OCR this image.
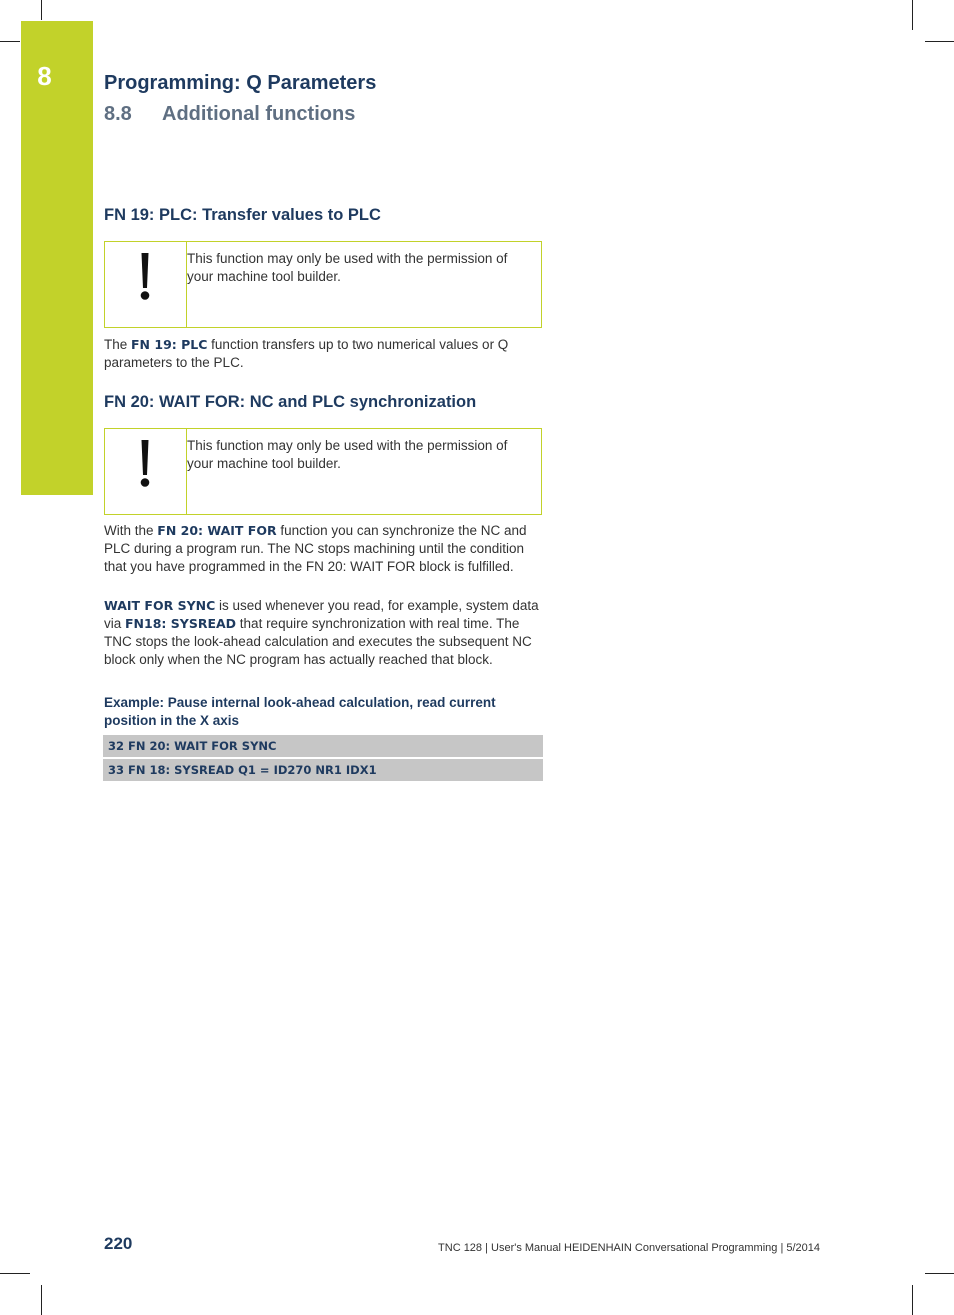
8	Programming: Q Parameters
8.8 Additional functions
FN 19: PLC: Transfer values to PLC
This function may only be used with the permission of your machine tool builder.
The FN 19: PLC function transfers up to two numerical values or Q parameters to the PLC.
FN 20: WAIT FOR: NC and PLC synchronization
This function may only be used with the permission of your machine tool builder.
With the FN 20: WAIT FOR function you can synchronize the NC and PLC during a program run. The NC stops machining until the condition that you have programmed in the FN 20: WAIT FOR block is fulfilled.
WAIT FOR SYNC is used whenever you read, for example, system data via FN18: SYSREAD that require synchronization with real time. The TNC stops the look-ahead calculation and executes the subsequent NC block only when the NC program has actually reached that block.
Example: Pause internal look-ahead calculation, read current position in the X axis
32 FN 20: WAIT FOR SYNC
33 FN 18: SYSREAD Q1 = ID270 NR1 IDX1
220	TNC 128 | User's Manual HEIDENHAIN Conversational Programming | 5/2014
